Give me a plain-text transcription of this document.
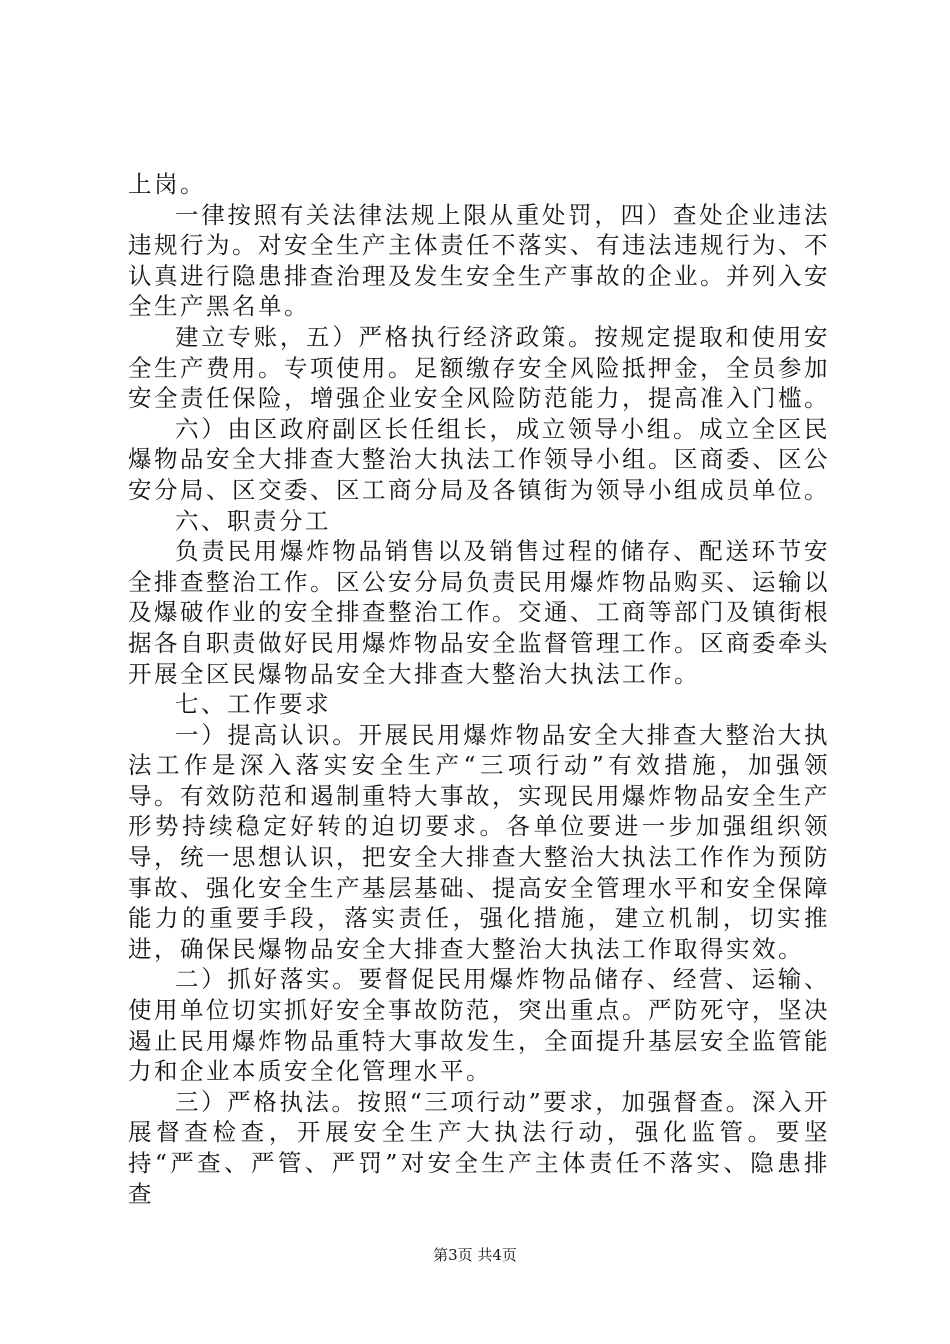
上岗。

一律按照有关法律法规上限从重处罚，四）查处企业违法违规行为。对安全生产主体责任不落实、有违法违规行为、不认真进行隐患排查治理及发生安全生产事故的企业。并列入安全生产黑名单。

建立专账，五）严格执行经济政策。按规定提取和使用安全生产费用。专项使用。足额缴存安全风险抵押金，全员参加安全责任保险，增强企业安全风险防范能力，提高准入门槛。

六）由区政府副区长任组长，成立领导小组。成立全区民爆物品安全大排查大整治大执法工作领导小组。区商委、区公安分局、区交委、区工商分局及各镇街为领导小组成员单位。

六、职责分工

负责民用爆炸物品销售以及销售过程的储存、配送环节安全排查整治工作。区公安分局负责民用爆炸物品购买、运输以及爆破作业的安全排查整治工作。交通、工商等部门及镇街根据各自职责做好民用爆炸物品安全监督管理工作。区商委牵头开展全区民爆物品安全大排查大整治大执法工作。

七、工作要求

一）提高认识。开展民用爆炸物品安全大排查大整治大执法工作是深入落实安全生产“三项行动”有效措施，加强领导。有效防范和遏制重特大事故，实现民用爆炸物品安全生产形势持续稳定好转的迫切要求。各单位要进一步加强组织领导，统一思想认识，把安全大排查大整治大执法工作作为预防事故、强化安全生产基层基础、提高安全管理水平和安全保障能力的重要手段，落实责任，强化措施，建立机制，切实推进，确保民爆物品安全大排查大整治大执法工作取得实效。

二）抓好落实。要督促民用爆炸物品储存、经营、运输、使用单位切实抓好安全事故防范，突出重点。严防死守，坚决遏止民用爆炸物品重特大事故发生，全面提升基层安全监管能力和企业本质安全化管理水平。

三）严格执法。按照“三项行动”要求，加强督查。深入开展督查检查，开展安全生产大执法行动，强化监管。要坚持“严查、严管、严罚”对安全生产主体责任不落实、隐患排查

第3页 共4页
